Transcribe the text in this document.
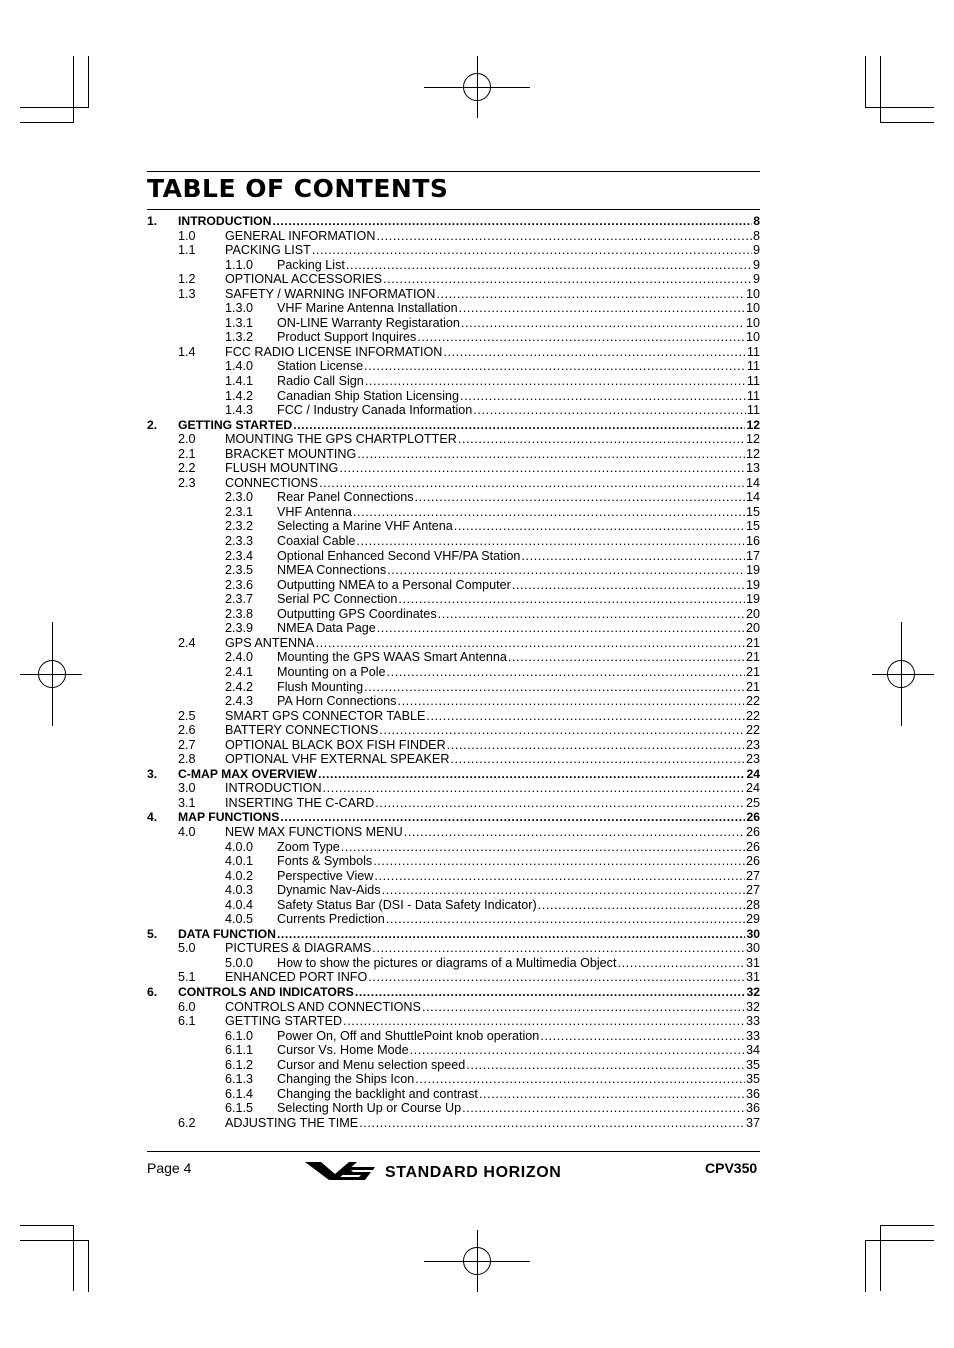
TABLE OF CONTENTS
1. INTRODUCTION .....	8
1.0 GENERAL INFORMATION .....	8
1.1 PACKING LIST .....	9
1.1.0 Packing List .....	9
1.2 OPTIONAL ACCESSORIES .....	9
1.3 SAFETY / WARNING INFORMATION .....	10
1.3.0 VHF Marine Antenna Installation .....	10
1.3.1 ON-LINE Warranty Registaration .....	10
1.3.2 Product Support Inquires .....	10
1.4 FCC RADIO LICENSE INFORMATION .....	11
1.4.0 Station License .....	11
1.4.1 Radio Call Sign .....	11
1.4.2 Canadian Ship Station Licensing .....	11
1.4.3 FCC / Industry Canada Information .....	11
2. GETTING STARTED .....	12
2.0 MOUNTING THE GPS CHARTPLOTTER .....	12
2.1 BRACKET MOUNTING .....	12
2.2 FLUSH MOUNTING .....	13
2.3 CONNECTIONS .....	14
2.3.0 Rear Panel Connections .....	14
2.3.1 VHF Antenna .....	15
2.3.2 Selecting a Marine VHF Antena .....	15
2.3.3 Coaxial Cable .....	16
2.3.4 Optional Enhanced Second VHF/PA Station .....	17
2.3.5 NMEA Connections .....	19
2.3.6 Outputting NMEA to a Personal Computer .....	19
2.3.7 Serial PC Connection .....	19
2.3.8 Outputting GPS Coordinates .....	20
2.3.9 NMEA Data Page .....	20
2.4 GPS ANTENNA .....	21
2.4.0 Mounting the GPS WAAS Smart Antenna .....	21
2.4.1 Mounting on a Pole .....	21
2.4.2 Flush Mounting .....	21
2.4.3 PA Horn Connections .....	22
2.5 SMART GPS CONNECTOR TABLE .....	22
2.6 BATTERY CONNECTIONS .....	22
2.7 OPTIONAL BLACK BOX FISH FINDER .....	23
2.8 OPTIONAL VHF EXTERNAL SPEAKER .....	23
3. C-MAP MAX OVERVIEW .....	24
3.0 INTRODUCTION .....	24
3.1 INSERTING THE C-CARD .....	25
4. MAP FUNCTIONS .....	26
4.0 NEW MAX FUNCTIONS MENU .....	26
4.0.0 Zoom Type .....	26
4.0.1 Fonts & Symbols .....	26
4.0.2 Perspective View .....	27
4.0.3 Dynamic Nav-Aids .....	27
4.0.4 Safety Status Bar (DSI - Data Safety Indicator) .....	28
4.0.5 Currents Prediction .....	29
5. DATA FUNCTION .....	30
5.0 PICTURES & DIAGRAMS .....	30
5.0.0 How to show the pictures or diagrams of a Multimedia Object .....	31
5.1 ENHANCED PORT INFO .....	31
6. CONTROLS AND INDICATORS .....	32
6.0 CONTROLS AND CONNECTIONS .....	32
6.1 GETTING STARTED .....	33
6.1.0 Power On, Off and ShuttlePoint knob operation .....	33
6.1.1 Cursor Vs. Home Mode .....	34
6.1.2 Cursor and Menu selection speed .....	35
6.1.3 Changing the Ships Icon .....	35
6.1.4 Changing the backlight and contrast .....	36
6.1.5 Selecting North Up or Course Up .....	36
6.2 ADJUSTING THE TIME .....	37
Page 4	STANDARD HORIZON	CPV350
